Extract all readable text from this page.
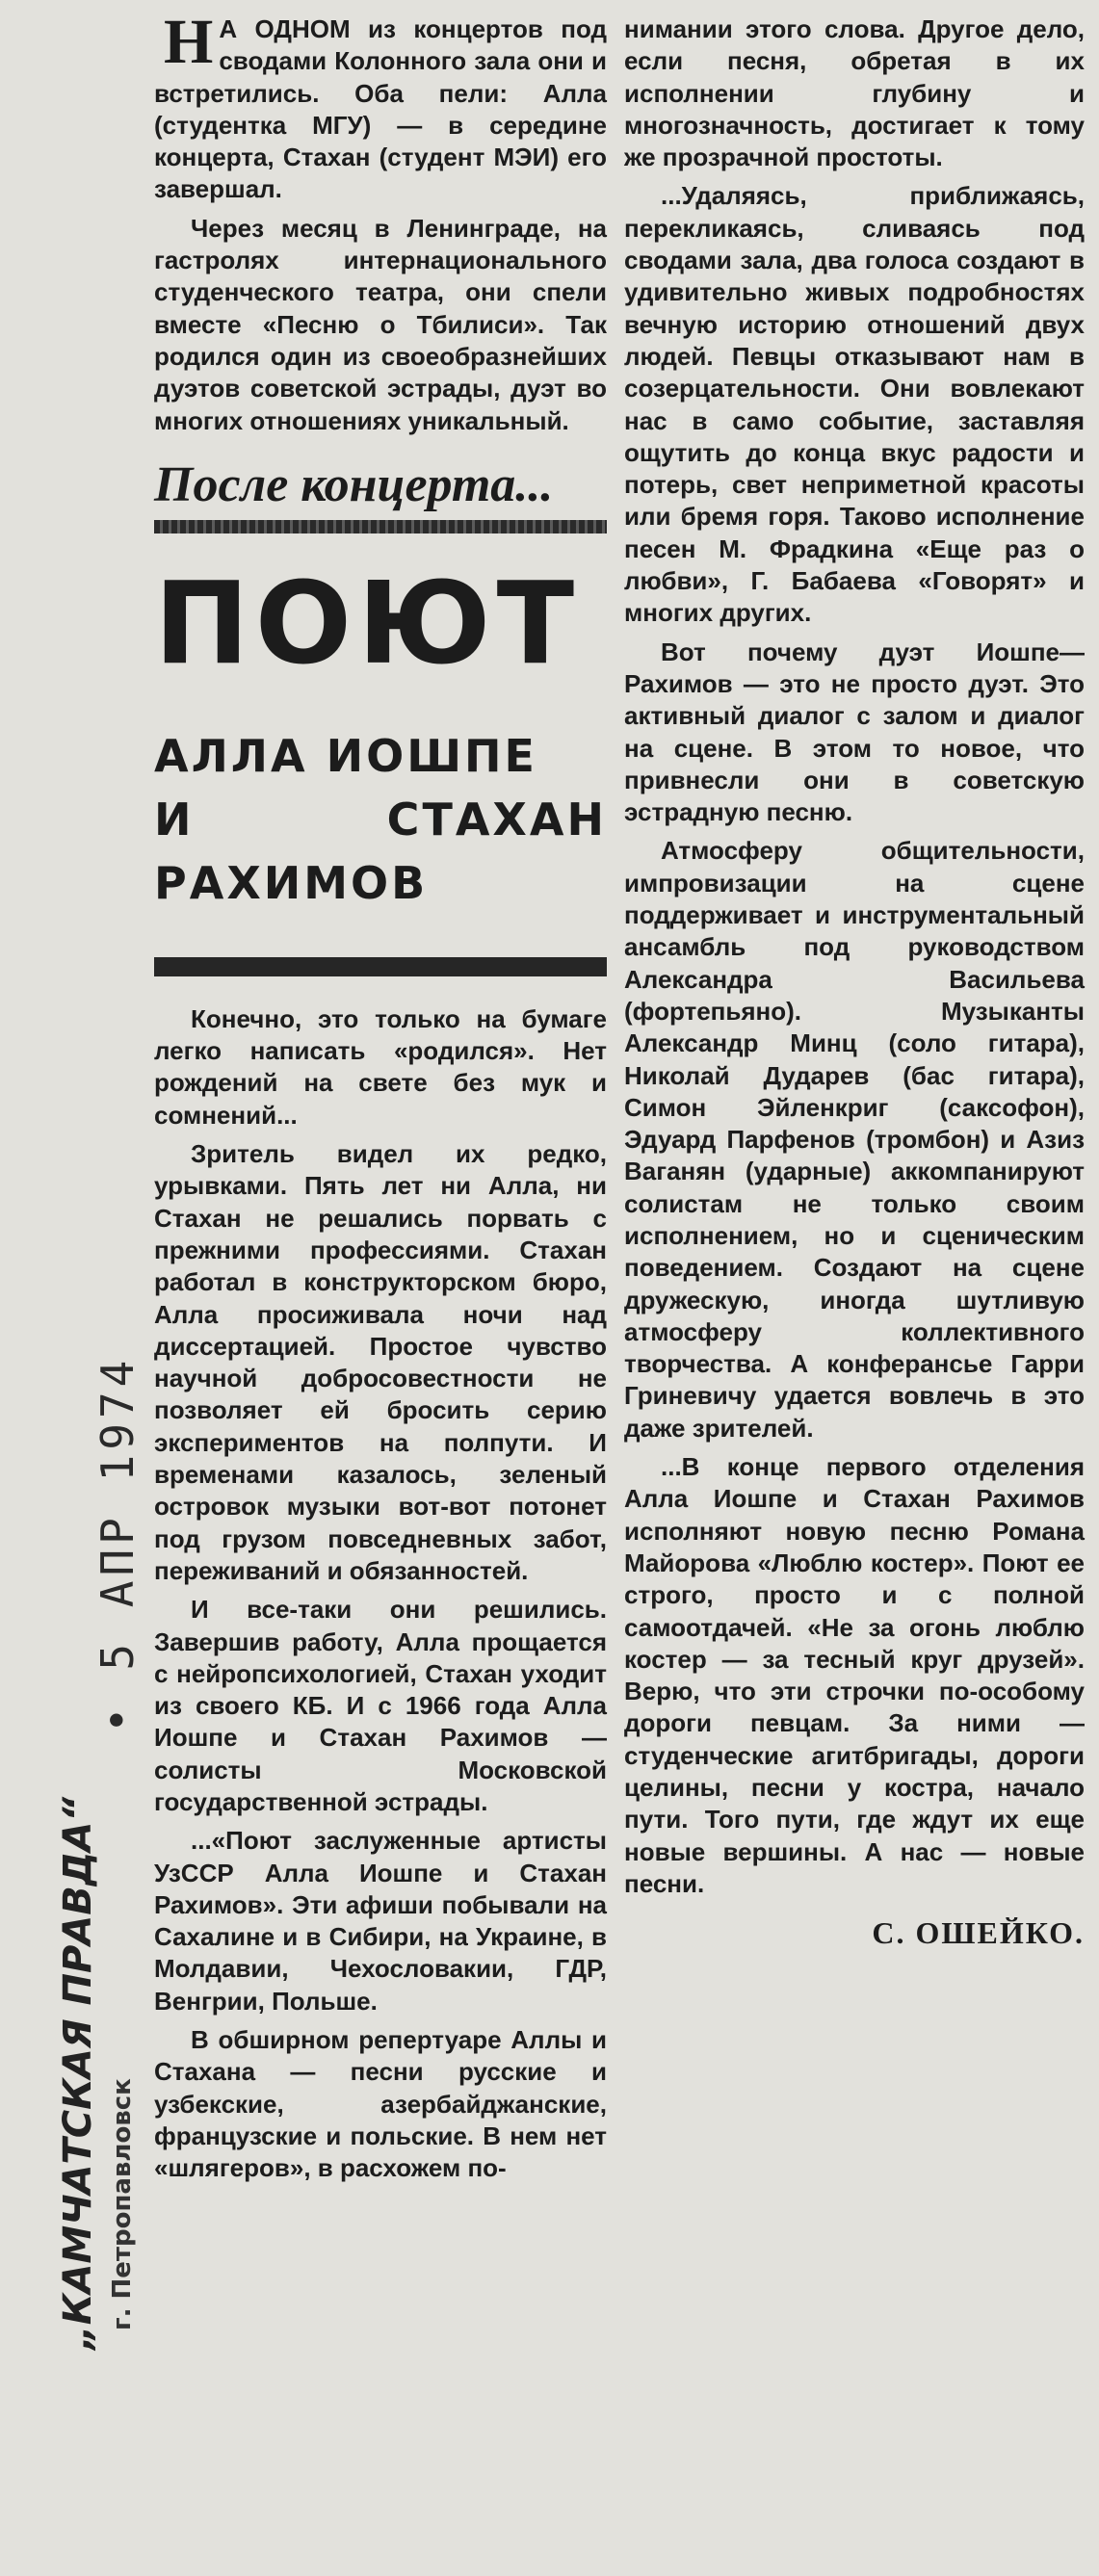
• 5 АПР 1974
„КАМЧАТСКАЯ ПРАВДА“ г. Петропавловск

Н А ОДНОМ из концертов под сводами Колонного зала они и встретились. Оба пели: Алла (студентка МГУ) — в середине концерта, Стахан (студент МЭИ) его завершал.

Через месяц в Ленинграде, на гастролях интернационального студенческого театра, они спели вместе «Песню о Тбилиси». Так родился один из своеобразнейших дуэтов советской эстрады, дуэт во многих отношениях уникальный.

После концерта...
ПОЮТ
АЛЛА ИОШПЕ
И СТАХАН РАХИМОВ

Конечно, это только на бумаге легко написать «родился». Нет рождений на свете без мук и сомнений...

Зритель видел их редко, урывками. Пять лет ни Алла, ни Стахан не решались порвать с прежними профессиями. Стахан работал в конструкторском бюро, Алла просиживала ночи над диссертацией. Простое чувство научной добросовестности не позволяет ей бросить серию экспериментов на полпути. И временами казалось, зеленый островок музыки вот-вот потонет под грузом повседневных забот, переживаний и обязанностей.

И все-таки они решились. Завершив работу, Алла прощается с нейропсихологией, Стахан уходит из своего КБ. И с 1966 года Алла Иошпе и Стахан Рахимов — солисты Московской государственной эстрады.

...«Поют заслуженные артисты УзССР Алла Иошпе и Стахан Рахимов». Эти афиши побывали на Сахалине и в Сибири, на Украине, в Молдавии, Чехословакии, ГДР, Венгрии, Польше.

В обширном репертуаре Аллы и Стахана — песни русские и узбекские, азербайджанские, французские и польские. В нем нет «шлягеров», в расхожем по-

нимании этого слова. Другое дело, если песня, обретая в их исполнении глубину и многозначность, достигает к тому же прозрачной простоты.

...Удаляясь, приближаясь, перекликаясь, сливаясь под сводами зала, два голоса создают в удивительно живых подробностях вечную историю отношений двух людей. Певцы отказывают нам в созерцательности. Они вовлекают нас в само событие, заставляя ощутить до конца вкус радости и потерь, свет неприметной красоты или бремя горя. Таково исполнение песен М. Фрадкина «Еще раз о любви», Г. Бабаева «Говорят» и многих других.

Вот почему дуэт Иошпе—Рахимов — это не просто дуэт. Это активный диалог с залом и диалог на сцене. В этом то новое, что привнесли они в советскую эстрадную песню.

Атмосферу общительности, импровизации на сцене поддерживает и инструментальный ансамбль под руководством Александра Васильева (фортепьяно). Музыканты Александр Минц (соло гитара), Николай Дударев (бас гитара), Симон Эйленкриг (саксофон), Эдуард Парфенов (тромбон) и Азиз Ваганян (ударные) аккомпанируют солистам не только своим исполнением, но и сценическим поведением. Создают на сцене дружескую, иногда шутливую атмосферу коллективного творчества. А конферансье Гарри Гриневичу удается вовлечь в это даже зрителей.

...В конце первого отделения Алла Иошпе и Стахан Рахимов исполняют новую песню Романа Майорова «Люблю костер». Поют ее строго, просто и с полной самоотдачей. «Не за огонь люблю костер — за тесный круг друзей». Верю, что эти строчки по-особому дороги певцам. За ними — студенческие агитбригады, дороги целины, песни у костра, начало пути. Того пути, где ждут их еще новые вершины. А нас — новые песни.

С. ОШЕЙКО.
